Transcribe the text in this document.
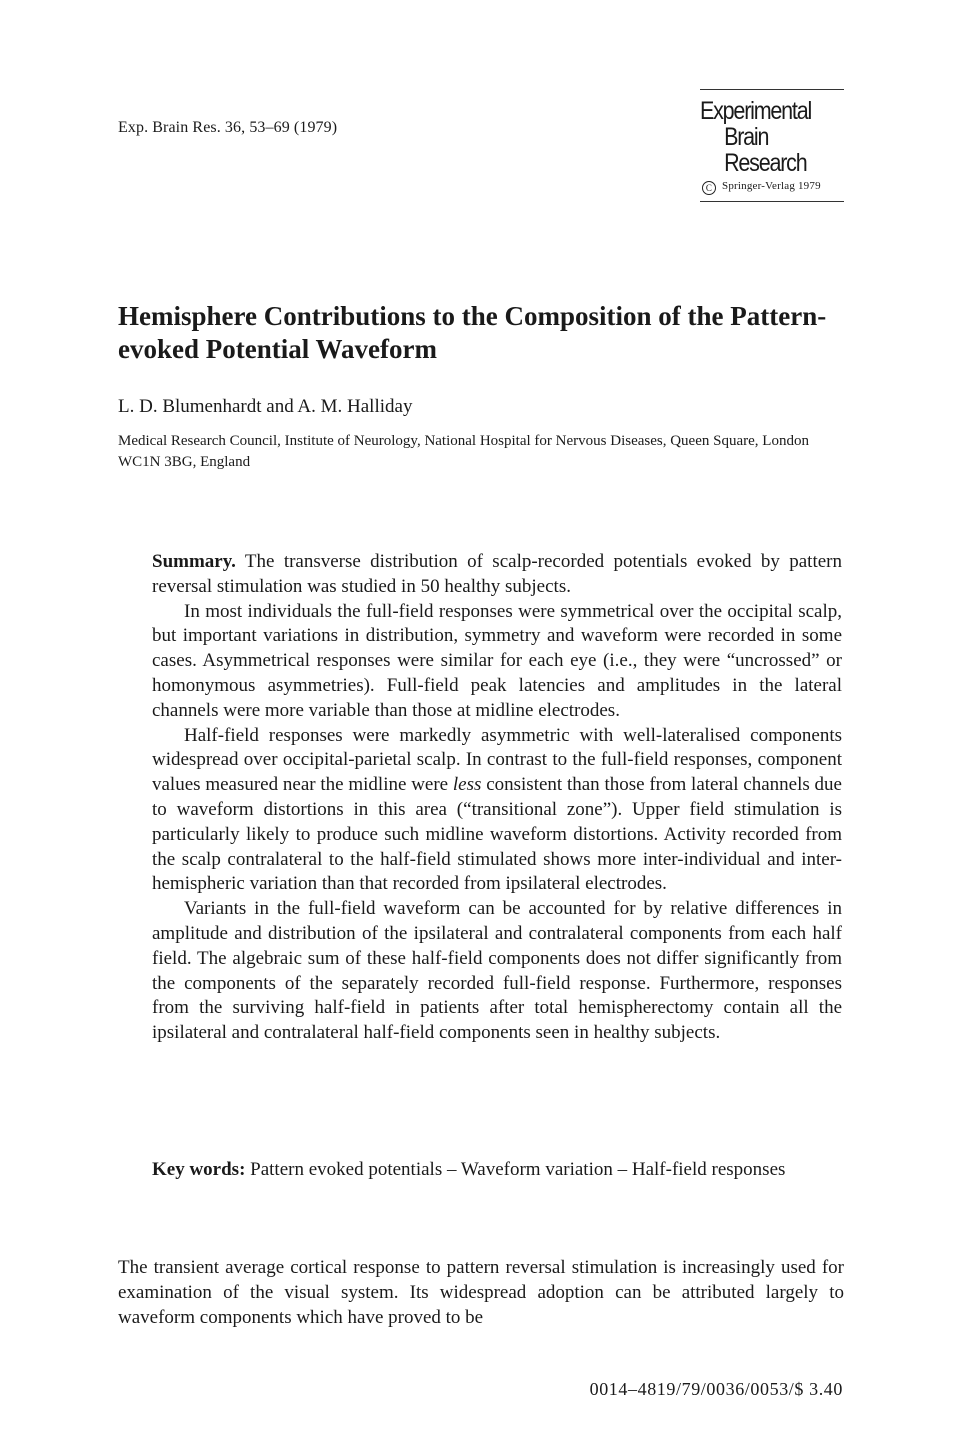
Exp. Brain Res. 36, 53–69 (1979)
Experimental
Brain
Research
C Springer-Verlag 1979
Hemisphere Contributions to the Composition of the Pattern-evoked Potential Waveform
L. D. Blumenhardt and A. M. Halliday
Medical Research Council, Institute of Neurology, National Hospital for Nervous Diseases, Queen Square, London WC1N 3BG, England

Summary. The transverse distribution of scalp-recorded potentials evoked by pattern reversal stimulation was studied in 50 healthy subjects.

In most individuals the full-field responses were symmetrical over the occipital scalp, but important variations in distribution, symmetry and waveform were recorded in some cases. Asymmetrical responses were similar for each eye (i.e., they were “uncrossed” or homonymous asymmetries). Full-field peak latencies and amplitudes in the lateral channels were more variable than those at midline electrodes.

Half-field responses were markedly asymmetric with well-lateralised components widespread over occipital-parietal scalp. In contrast to the full-field responses, component values measured near the midline were less consistent than those from lateral channels due to waveform distortions in this area (“transitional zone”). Upper field stimulation is particularly likely to produce such midline waveform distortions. Activity recorded from the scalp contralateral to the half-field stimulated shows more inter-individual and inter-hemispheric variation than that recorded from ipsilateral electrodes.

Variants in the full-field waveform can be accounted for by relative differences in amplitude and distribution of the ipsilateral and contralateral components from each half field. The algebraic sum of these half-field components does not differ significantly from the components of the separately recorded full-field response. Furthermore, responses from the surviving half-field in patients after total hemispherectomy contain all the ipsilateral and contralateral half-field components seen in healthy subjects.

Key words: Pattern evoked potentials – Waveform variation – Half-field responses
The transient average cortical response to pattern reversal stimulation is increasingly used for examination of the visual system. Its widespread adoption can be attributed largely to waveform components which have proved to be
0014–4819/79/0036/0053/$ 3.40
